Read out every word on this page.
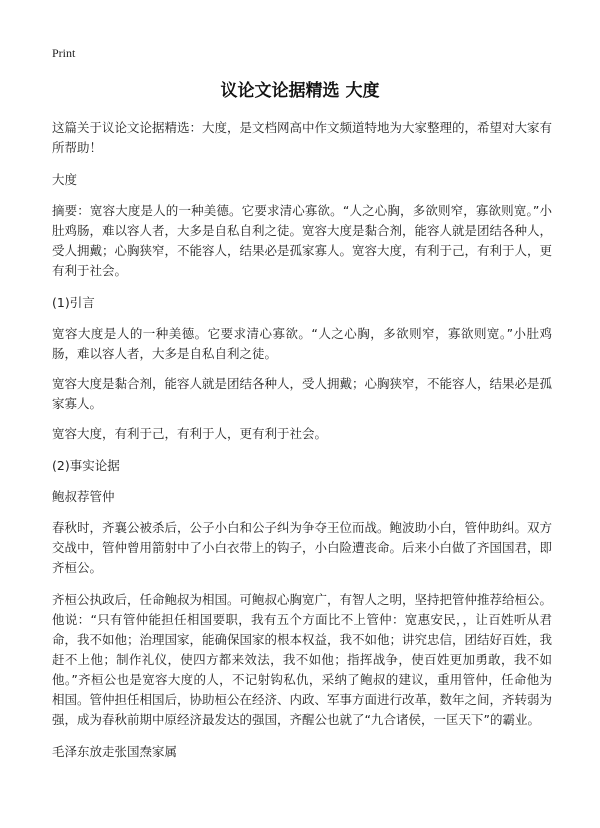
Print
议论文论据精选 大度

这篇关于议论文论据精选：大度，是文档网高中作文频道特地为大家整理的，希望对大家有所帮助！

大度

摘要：宽容大度是人的一种美德。它要求清心寡欲。“人之心胸，多欲则窄，寡欲则宽。”小肚鸡肠，难以容人者，大多是自私自利之徒。宽容大度是黏合剂，能容人就是团结各种人，受人拥戴；心胸狭窄，不能容人，结果必是孤家寡人。宽容大度，有利于己，有利于人，更有利于社会。

(1)引言

宽容大度是人的一种美德。它要求清心寡欲。“人之心胸，多欲则窄，寡欲则宽。”小肚鸡肠，难以容人者，大多是自私自利之徒。

宽容大度是黏合剂，能容人就是团结各种人，受人拥戴；心胸狭窄，不能容人，结果必是孤家寡人。

宽容大度，有利于己，有利于人，更有利于社会。

(2)事实论据

鲍叔荐管仲

春秋时，齐襄公被杀后，公子小白和公子纠为争夺王位而战。鲍波助小白，管仲助纠。双方交战中，管仲曾用箭射中了小白衣带上的钩子，小白险遭丧命。后来小白做了齐国国君，即齐桓公。

齐桓公执政后，任命鲍叔为相国。可鲍叔心胸宽广，有智人之明，坚持把管仲推荐给桓公。他说：“只有管仲能担任相国要职，我有五个方面比不上管仲：宽惠安民，，让百姓听从君命，我不如他；治理国家，能确保国家的根本权益，我不如他；讲究忠信，团结好百姓，我赶不上他；制作礼仪，使四方都来效法，我不如他；指挥战争，使百姓更加勇敢，我不如他。”齐桓公也是宽容大度的人，不记射钩私仇，采纳了鲍叔的建议，重用管仲，任命他为相国。管仲担任相国后，协助桓公在经济、内政、军事方面进行改革，数年之间，齐转弱为强，成为春秋前期中原经济最发达的强国，齐醒公也就了“九合诸侯，一匡天下”的霸业。

毛泽东放走张国焘家属
